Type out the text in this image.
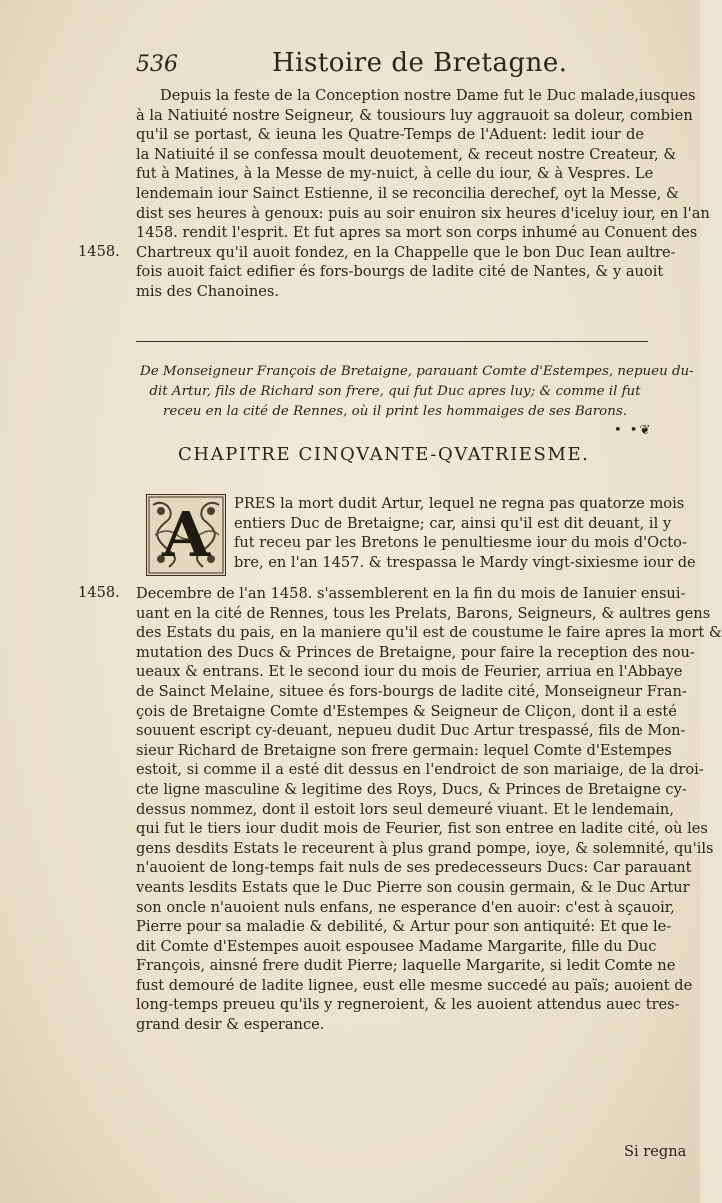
536	Histoire de Bretagne.
Depuis la feste de la Conception nostre Dame fut le Duc malade,iusques
à la Natiuité nostre Seigneur, & tousiours luy aggrauoit sa doleur, combien
qu'il se portast, & ieuna les Quatre-Temps de l'Aduent: ledit iour de
la Natiuité il se confessa moult deuotement, & receut nostre Createur, &
fut à Matines, à la Messe de my-nuict, à celle du iour, & à Vespres. Le
lendemain iour Sainct Estienne, il se reconcilia derechef, oyt la Messe, &
dist ses heures à genoux: puis au soir enuiron six heures d'iceluy iour, en l'an
1458. rendit l'esprit. Et fut apres sa mort son corps inhumé au Conuent des
Chartreux qu'il auoit fondez, en la Chappelle que le bon Duc Iean aultre-
fois auoit faict edifier és fors-bourgs de ladite cité de Nantes, & y auoit
mis des Chanoines.
1458.
De Monseigneur François de Bretaigne, parauant Comte d'Estempes, nepueu du-
dit Artur, fils de Richard son frere, qui fut Duc apres luy; & comme il fut
receu en la cité de Rennes, où il print les hommaiges de ses Barons.
• •❦
CHAPITRE CINQVANTE-QVATRIESME.
A	PRES la mort dudit Artur, lequel ne regna pas quatorze mois
entiers Duc de Bretaigne; car, ainsi qu'il est dit deuant, il y
fut receu par les Bretons le penultiesme iour du mois d'Octo-
bre, en l'an 1457. & trespassa le Mardy vingt-sixiesme iour de
1458. Decembre de l'an 1458. s'assemblerent en la fin du mois de Ianuier ensui-
uant en la cité de Rennes, tous les Prelats, Barons, Seigneurs, & aultres gens
des Estats du pais, en la maniere qu'il est de coustume le faire apres la mort &
mutation des Ducs & Princes de Bretaigne, pour faire la reception des nou-
ueaux & entrans. Et le second iour du mois de Feurier, arriua en l'Abbaye
de Sainct Melaine, situee és fors-bourgs de ladite cité, Monseigneur Fran-
çois de Bretaigne Comte d'Estempes & Seigneur de Cliçon, dont il a esté
souuent escript cy-deuant, nepueu dudit Duc Artur trespassé, fils de Mon-
sieur Richard de Bretaigne son frere germain: lequel Comte d'Estempes
estoit, si comme il a esté dit dessus en l'endroict de son mariaige, de la droi-
cte ligne masculine & legitime des Roys, Ducs, & Princes de Bretaigne cy-
dessus nommez, dont il estoit lors seul demeuré viuant. Et le lendemain,
qui fut le tiers iour dudit mois de Feurier, fist son entree en ladite cité, où les
gens desdits Estats le receurent à plus grand pompe, ioye, & solemnité, qu'ils
n'auoient de long-temps fait nuls de ses predecesseurs Ducs: Car parauant
veants lesdits Estats que le Duc Pierre son cousin germain, & le Duc Artur
son oncle n'auoient nuls enfans, ne esperance d'en auoir: c'est à sçauoir,
Pierre pour sa maladie & debilité, & Artur pour son antiquité: Et que le-
dit Comte d'Estempes auoit espousee Madame Margarite, fille du Duc
François, ainsné frere dudit Pierre; laquelle Margarite, si ledit Comte ne
fust demouré de ladite lignee, eust elle mesme succedé au païs; auoient de
long-temps preueu qu'ils y regneroient, & les auoient attendus auec tres-
grand desir & esperance.
Si regna
